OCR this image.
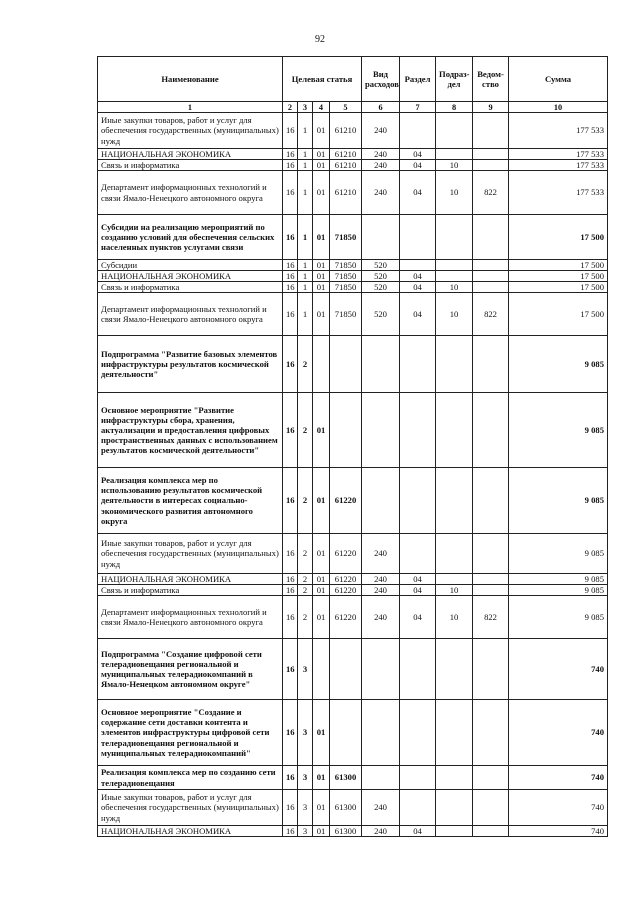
92
Наименование	Целевая статья				Вид расходов	Раздел	Подраз- дел	Ведом- ство	Сумма
1	2	3	4	5	6	7	8	9	10
Иные закупки товаров, работ и услуг для обеспечения государственных (муниципальных) нужд	16	1	01	61210	240				177 533
НАЦИОНАЛЬНАЯ ЭКОНОМИКА	16	1	01	61210	240	04			177 533
Связь и информатика	16	1	01	61210	240	04	10		177 533
Департамент информационных технологий и связи Ямало-Ненецкого автономного округа	16	1	01	61210	240	04	10	822	177 533
Субсидии на реализацию мероприятий по созданию условий для обеспечения сельских населенных пунктов услугами связи	16	1	01	71850					17 500
Субсидии	16	1	01	71850	520				17 500
НАЦИОНАЛЬНАЯ ЭКОНОМИКА	16	1	01	71850	520	04			17 500
Связь и информатика	16	1	01	71850	520	04	10		17 500
Департамент информационных технологий и связи Ямало-Ненецкого автономного округа	16	1	01	71850	520	04	10	822	17 500
Подпрограмма "Развитие базовых элементов инфраструктуры результатов космической деятельности"	16	2							9 085
Основное мероприятие "Развитие инфраструктуры сбора, хранения, актуализации и предоставления цифровых пространственных данных с использованием результатов космической деятельности"	16	2	01						9 085
Реализация комплекса мер по использованию результатов космической деятельности в интересах социально-экономического развития автономного округа	16	2	01	61220					9 085
Иные закупки товаров, работ и услуг для обеспечения государственных (муниципальных) нужд	16	2	01	61220	240				9 085
НАЦИОНАЛЬНАЯ ЭКОНОМИКА	16	2	01	61220	240	04			9 085
Связь и информатика	16	2	01	61220	240	04	10		9 085
Департамент информационных технологий и связи Ямало-Ненецкого автономного округа	16	2	01	61220	240	04	10	822	9 085
Подпрограмма "Создание цифровой сети телерадиовещания региональной и муниципальных телерадиокомпаний в Ямало-Ненецком автономном округе"	16	3							740
Основное мероприятие "Создание и содержание сети доставки контента и элементов инфраструктуры цифровой сети телерадиовещания региональной и муниципальных телерадиокомпаний"	16	3	01						740
Реализация комплекса мер по созданию сети телерадиовещания	16	3	01	61300					740
Иные закупки товаров, работ и услуг для обеспечения государственных (муниципальных) нужд	16	3	01	61300	240				740
НАЦИОНАЛЬНАЯ ЭКОНОМИКА	16	3	01	61300	240	04			740
